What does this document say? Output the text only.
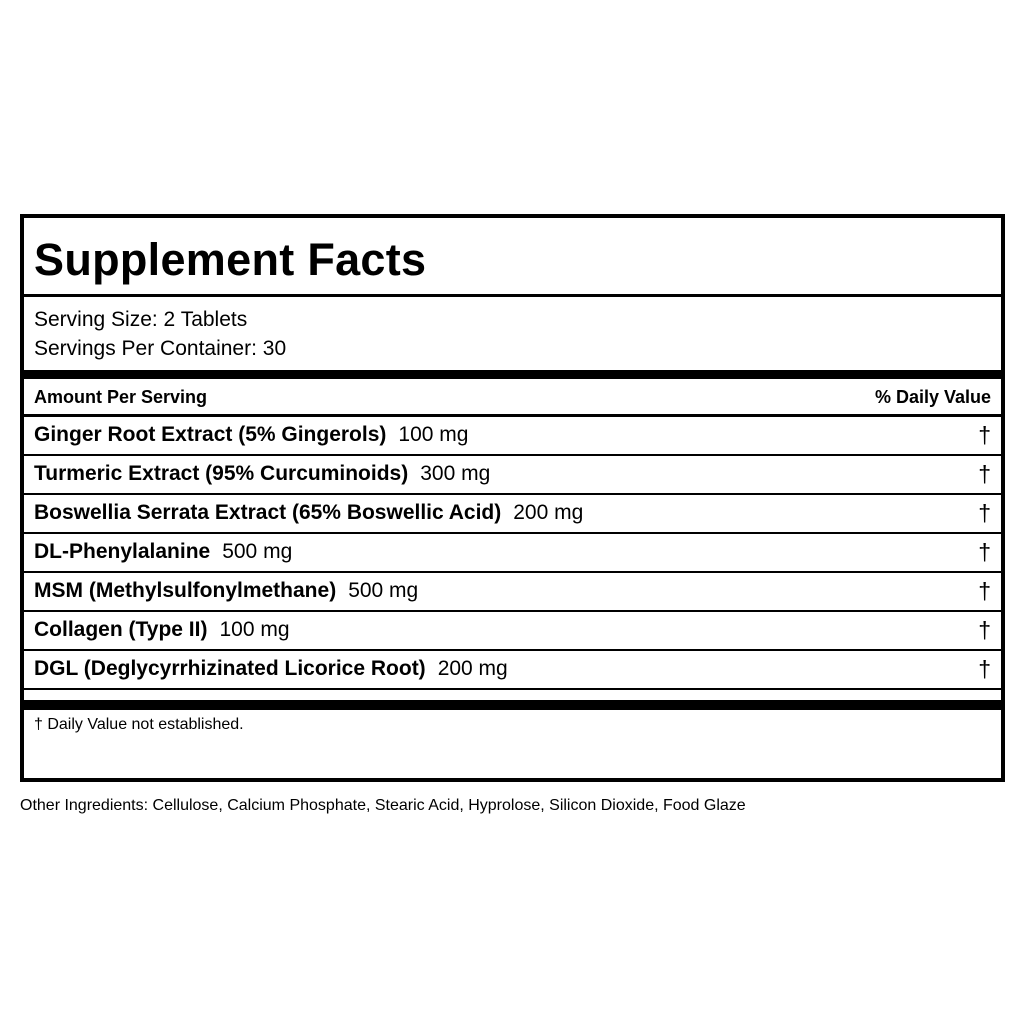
Supplement Facts
Serving Size: 2 Tablets
Servings Per Container: 30
Amount Per Serving	% Daily Value
Ginger Root Extract (5% Gingerols) 100 mg	†
Turmeric Extract (95% Curcuminoids) 300 mg	†
Boswellia Serrata Extract (65% Boswellic Acid) 200 mg	†
DL-Phenylalanine 500 mg	†
MSM (Methylsulfonylmethane) 500 mg	†
Collagen (Type II) 100 mg	†
DGL (Deglycyrrhizinated Licorice Root) 200 mg	†
† Daily Value not established.
Other Ingredients: Cellulose, Calcium Phosphate, Stearic Acid, Hyprolose, Silicon Dioxide, Food Glaze
